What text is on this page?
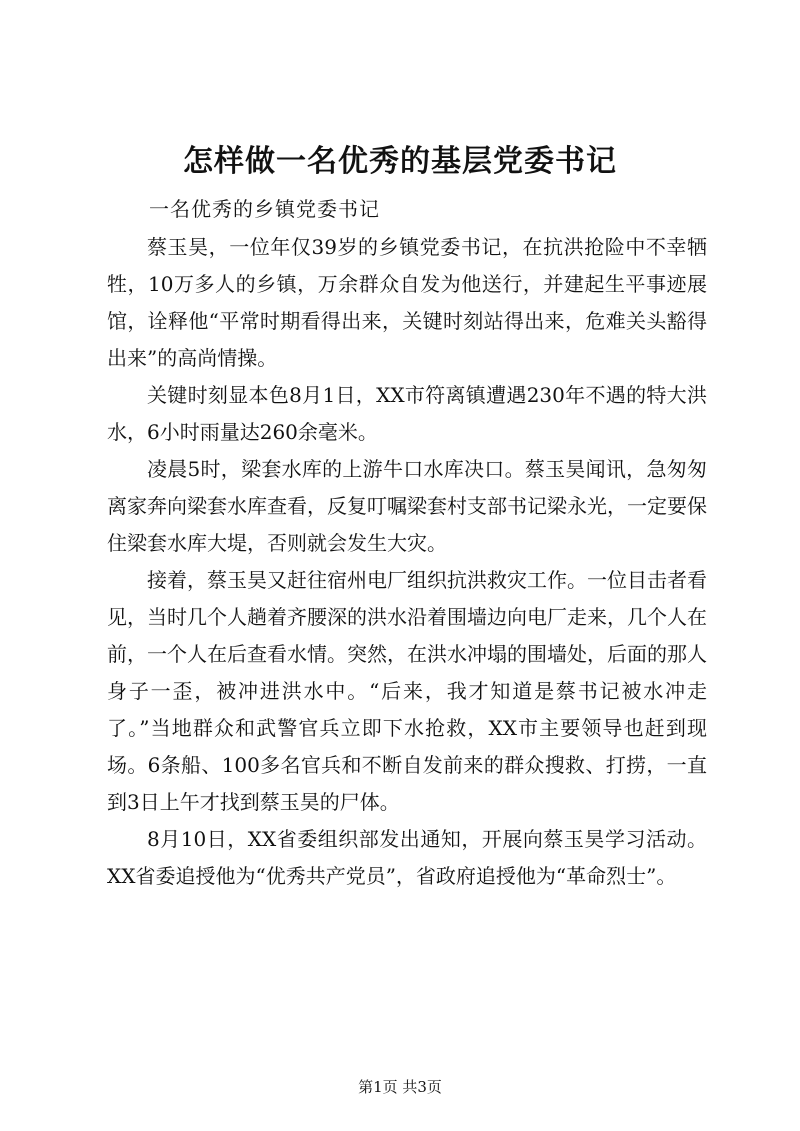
怎样做一名优秀的基层党委书记
一名优秀的乡镇党委书记

蔡玉昊，一位年仅39岁的乡镇党委书记，在抗洪抢险中不幸牺牲，10万多人的乡镇，万余群众自发为他送行，并建起生平事迹展馆，诠释他“平常时期看得出来，关键时刻站得出来，危难关头豁得出来”的高尚情操。

关键时刻显本色8月1日，XX市符离镇遭遇230年不遇的特大洪水，6小时雨量达260余毫米。

凌晨5时，梁套水库的上游牛口水库决口。蔡玉昊闻讯，急匆匆离家奔向梁套水库查看，反复叮嘱梁套村支部书记梁永光，一定要保住梁套水库大堤，否则就会发生大灾。

接着，蔡玉昊又赶往宿州电厂组织抗洪救灾工作。一位目击者看见，当时几个人趟着齐腰深的洪水沿着围墙边向电厂走来，几个人在前，一个人在后查看水情。突然，在洪水冲塌的围墙处，后面的那人身子一歪，被冲进洪水中。“后来，我才知道是蔡书记被水冲走了。”当地群众和武警官兵立即下水抢救，XX市主要领导也赶到现场。6条船、100多名官兵和不断自发前来的群众搜救、打捞，一直到3日上午才找到蔡玉昊的尸体。

8月10日，XX省委组织部发出通知，开展向蔡玉昊学习活动。XX省委追授他为“优秀共产党员”，省政府追授他为“革命烈士”。

第1页 共3页
